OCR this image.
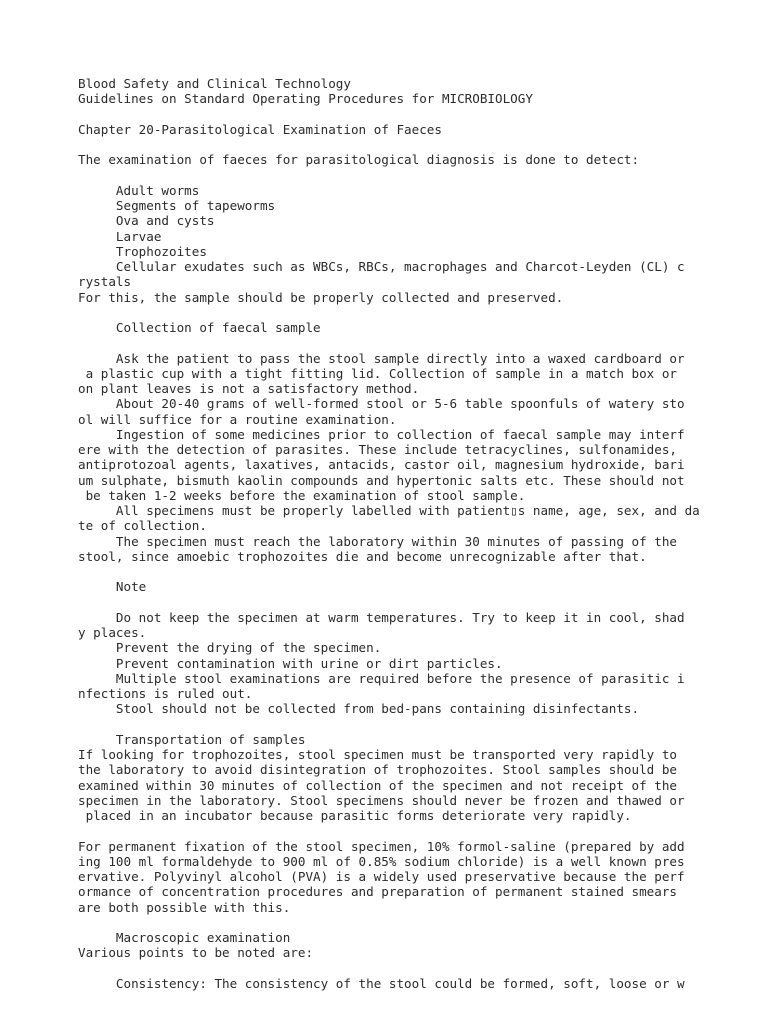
Blood Safety and Clinical Technology
Guidelines on Standard Operating Procedures for MICROBIOLOGY
Chapter 20-Parasitological Examination of Faeces
The examination of faeces for parasitological diagnosis is done to detect:
Adult worms
Segments of tapeworms
Ova and cysts
Larvae
Trophozoites
Cellular exudates such as WBCs, RBCs, macrophages and Charcot-Leyden (CL) c
rystals
For this, the sample should be properly collected and preserved.
Collection of faecal sample
Ask the patient to pass the stool sample directly into a waxed cardboard or
a plastic cup with a tight fitting lid. Collection of sample in a match box or
on plant leaves is not a satisfactory method.
About 20-40 grams of well-formed stool or 5-6 table spoonfuls of watery sto
ol will suffice for a routine examination.
Ingestion of some medicines prior to collection of faecal sample may interf
ere with the detection of parasites. These include tetracyclines, sulfonamides,
antiprotozoal agents, laxatives, antacids, castor oil, magnesium hydroxide, bari
um sulphate, bismuth kaolin compounds and hypertonic salts etc. These should not
be taken 1-2 weeks before the examination of stool sample.
All specimens must be properly labelled with patient▯s name, age, sex, and da
te of collection.
The specimen must reach the laboratory within 30 minutes of passing of the
stool, since amoebic trophozoites die and become unrecognizable after that.
Note
Do not keep the specimen at warm temperatures. Try to keep it in cool, shad
y places.
Prevent the drying of the specimen.
Prevent contamination with urine or dirt particles.
Multiple stool examinations are required before the presence of parasitic i
nfections is ruled out.
Stool should not be collected from bed-pans containing disinfectants.
Transportation of samples
If looking for trophozoites, stool specimen must be transported very rapidly to
the laboratory to avoid disintegration of trophozoites. Stool samples should be
examined within 30 minutes of collection of the specimen and not receipt of the
specimen in the laboratory. Stool specimens should never be frozen and thawed or
placed in an incubator because parasitic forms deteriorate very rapidly.
For permanent fixation of the stool specimen, 10% formol-saline (prepared by add
ing 100 ml formaldehyde to 900 ml of 0.85% sodium chloride) is a well known pres
ervative. Polyvinyl alcohol (PVA) is a widely used preservative because the perf
ormance of concentration procedures and preparation of permanent stained smears
are both possible with this.
Macroscopic examination
Various points to be noted are:
Consistency: The consistency of the stool could be formed, soft, loose or w
